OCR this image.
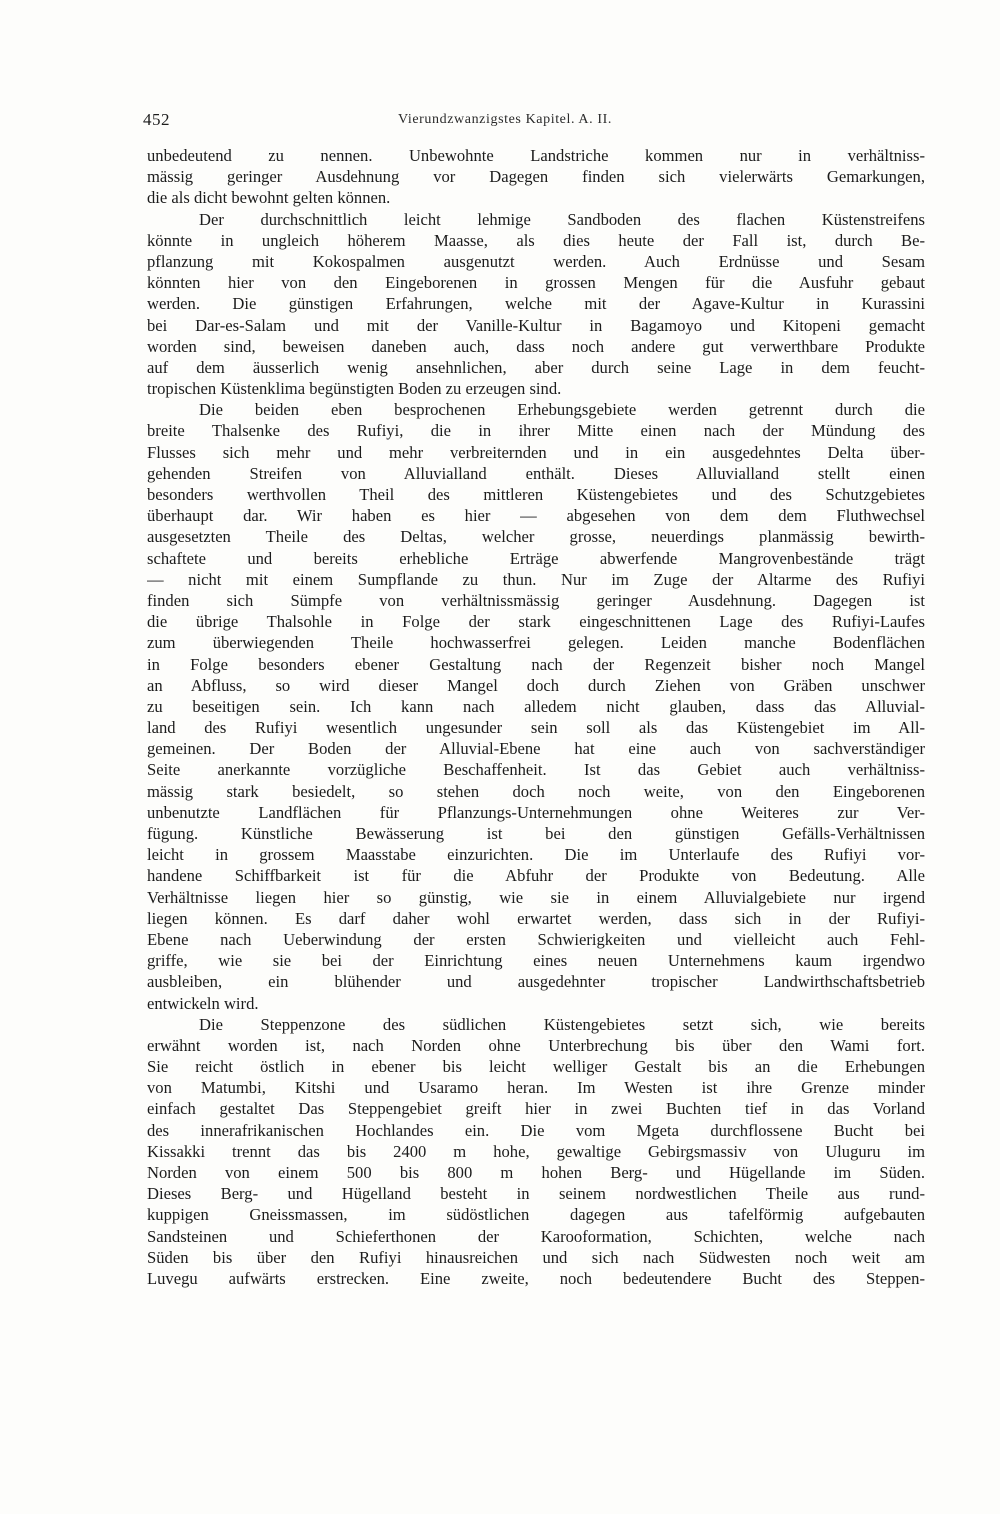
452	Vierundzwanzigstes Kapitel. A. II.
unbedeutend zu nennen. Unbewohnte Landstriche kommen nur in verhältniss-
mässig geringer Ausdehnung vor Dagegen finden sich vielerwärts Gemarkungen,
die als dicht bewohnt gelten können.
Der durchschnittlich leicht lehmige Sandboden des flachen Küstenstreifens
könnte in ungleich höherem Maasse, als dies heute der Fall ist, durch Be-
pflanzung mit Kokospalmen ausgenutzt werden. Auch Erdnüsse und Sesam
könnten hier von den Eingeborenen in grossen Mengen für die Ausfuhr gebaut
werden. Die günstigen Erfahrungen, welche mit der Agave-Kultur in Kurassini
bei Dar-es-Salam und mit der Vanille-Kultur in Bagamoyo und Kitopeni gemacht
worden sind, beweisen daneben auch, dass noch andere gut verwerthbare Produkte
auf dem äusserlich wenig ansehnlichen, aber durch seine Lage in dem feucht-
tropischen Küstenklima begünstigten Boden zu erzeugen sind.
Die beiden eben besprochenen Erhebungsgebiete werden getrennt durch die
breite Thalsenke des Rufiyi, die in ihrer Mitte einen nach der Mündung des
Flusses sich mehr und mehr verbreiternden und in ein ausgedehntes Delta über-
gehenden Streifen von Alluvialland enthält. Dieses Alluvialland stellt einen
besonders werthvollen Theil des mittleren Küstengebietes und des Schutzgebietes
überhaupt dar. Wir haben es hier — abgesehen von dem dem Fluthwechsel
ausgesetzten Theile des Deltas, welcher grosse, neuerdings planmässig bewirth-
schaftete und bereits erhebliche Erträge abwerfende Mangrovenbestände trägt
— nicht mit einem Sumpflande zu thun. Nur im Zuge der Altarme des Rufiyi
finden sich Sümpfe von verhältnissmässig geringer Ausdehnung. Dagegen ist
die übrige Thalsohle in Folge der stark eingeschnittenen Lage des Rufiyi-Laufes
zum überwiegenden Theile hochwasserfrei gelegen. Leiden manche Bodenflächen
in Folge besonders ebener Gestaltung nach der Regenzeit bisher noch Mangel
an Abfluss, so wird dieser Mangel doch durch Ziehen von Gräben unschwer
zu beseitigen sein. Ich kann nach alledem nicht glauben, dass das Alluvial-
land des Rufiyi wesentlich ungesunder sein soll als das Küstengebiet im All-
gemeinen. Der Boden der Alluvial-Ebene hat eine auch von sachverständiger
Seite anerkannte vorzügliche Beschaffenheit. Ist das Gebiet auch verhältniss-
mässig stark besiedelt, so stehen doch noch weite, von den Eingeborenen
unbenutzte Landflächen für Pflanzungs-Unternehmungen ohne Weiteres zur Ver-
fügung. Künstliche Bewässerung ist bei den günstigen Gefälls-Verhältnissen
leicht in grossem Maasstabe einzurichten. Die im Unterlaufe des Rufiyi vor-
handene Schiffbarkeit ist für die Abfuhr der Produkte von Bedeutung. Alle
Verhältnisse liegen hier so günstig, wie sie in einem Alluvialgebiete nur irgend
liegen können. Es darf daher wohl erwartet werden, dass sich in der Rufiyi-
Ebene nach Ueberwindung der ersten Schwierigkeiten und vielleicht auch Fehl-
griffe, wie sie bei der Einrichtung eines neuen Unternehmens kaum irgendwo
ausbleiben, ein blühender und ausgedehnter tropischer Landwirthschaftsbetrieb
entwickeln wird.
Die Steppenzone des südlichen Küstengebietes setzt sich, wie bereits
erwähnt worden ist, nach Norden ohne Unterbrechung bis über den Wami fort.
Sie reicht östlich in ebener bis leicht welliger Gestalt bis an die Erhebungen
von Matumbi, Kitshi und Usaramo heran. Im Westen ist ihre Grenze minder
einfach gestaltet Das Steppengebiet greift hier in zwei Buchten tief in das Vorland
des innerafrikanischen Hochlandes ein. Die vom Mgeta durchflossene Bucht bei
Kissakki trennt das bis 2400 m hohe, gewaltige Gebirgsmassiv von Uluguru im
Norden von einem 500 bis 800 m hohen Berg- und Hügellande im Süden.
Dieses Berg- und Hügelland besteht in seinem nordwestlichen Theile aus rund-
kuppigen Gneissmassen, im südöstlichen dagegen aus tafelförmig aufgebauten
Sandsteinen und Schieferthonen der Karooformation, Schichten, welche nach
Süden bis über den Rufiyi hinausreichen und sich nach Südwesten noch weit am
Luvegu aufwärts erstrecken. Eine zweite, noch bedeutendere Bucht des Steppen-
